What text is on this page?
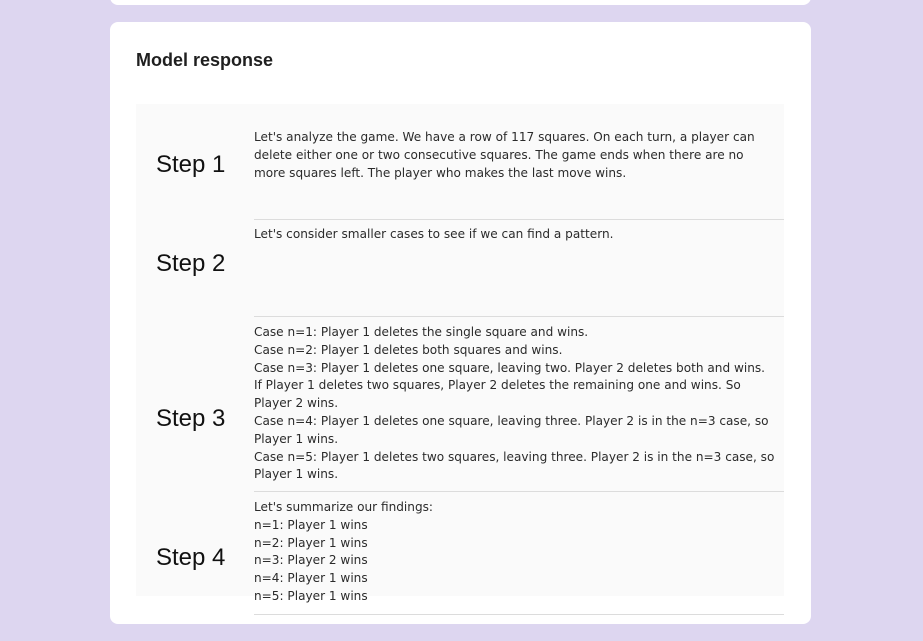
Model response
Step 1
Let's analyze the game. We have a row of 117 squares. On each turn, a player can delete either one or two consecutive squares. The game ends when there are no more squares left. The player who makes the last move wins.
Step 2
Let's consider smaller cases to see if we can find a pattern.
Step 3
Case n=1: Player 1 deletes the single square and wins.
Case n=2: Player 1 deletes both squares and wins.
Case n=3: Player 1 deletes one square, leaving two. Player 2 deletes both and wins. If Player 1 deletes two squares, Player 2 deletes the remaining one and wins. So Player 2 wins.
Case n=4: Player 1 deletes one square, leaving three. Player 2 is in the n=3 case, so Player 1 wins.
Case n=5: Player 1 deletes two squares, leaving three. Player 2 is in the n=3 case, so Player 1 wins.
Step 4
Let's summarize our findings:
n=1: Player 1 wins
n=2: Player 1 wins
n=3: Player 2 wins
n=4: Player 1 wins
n=5: Player 1 wins
